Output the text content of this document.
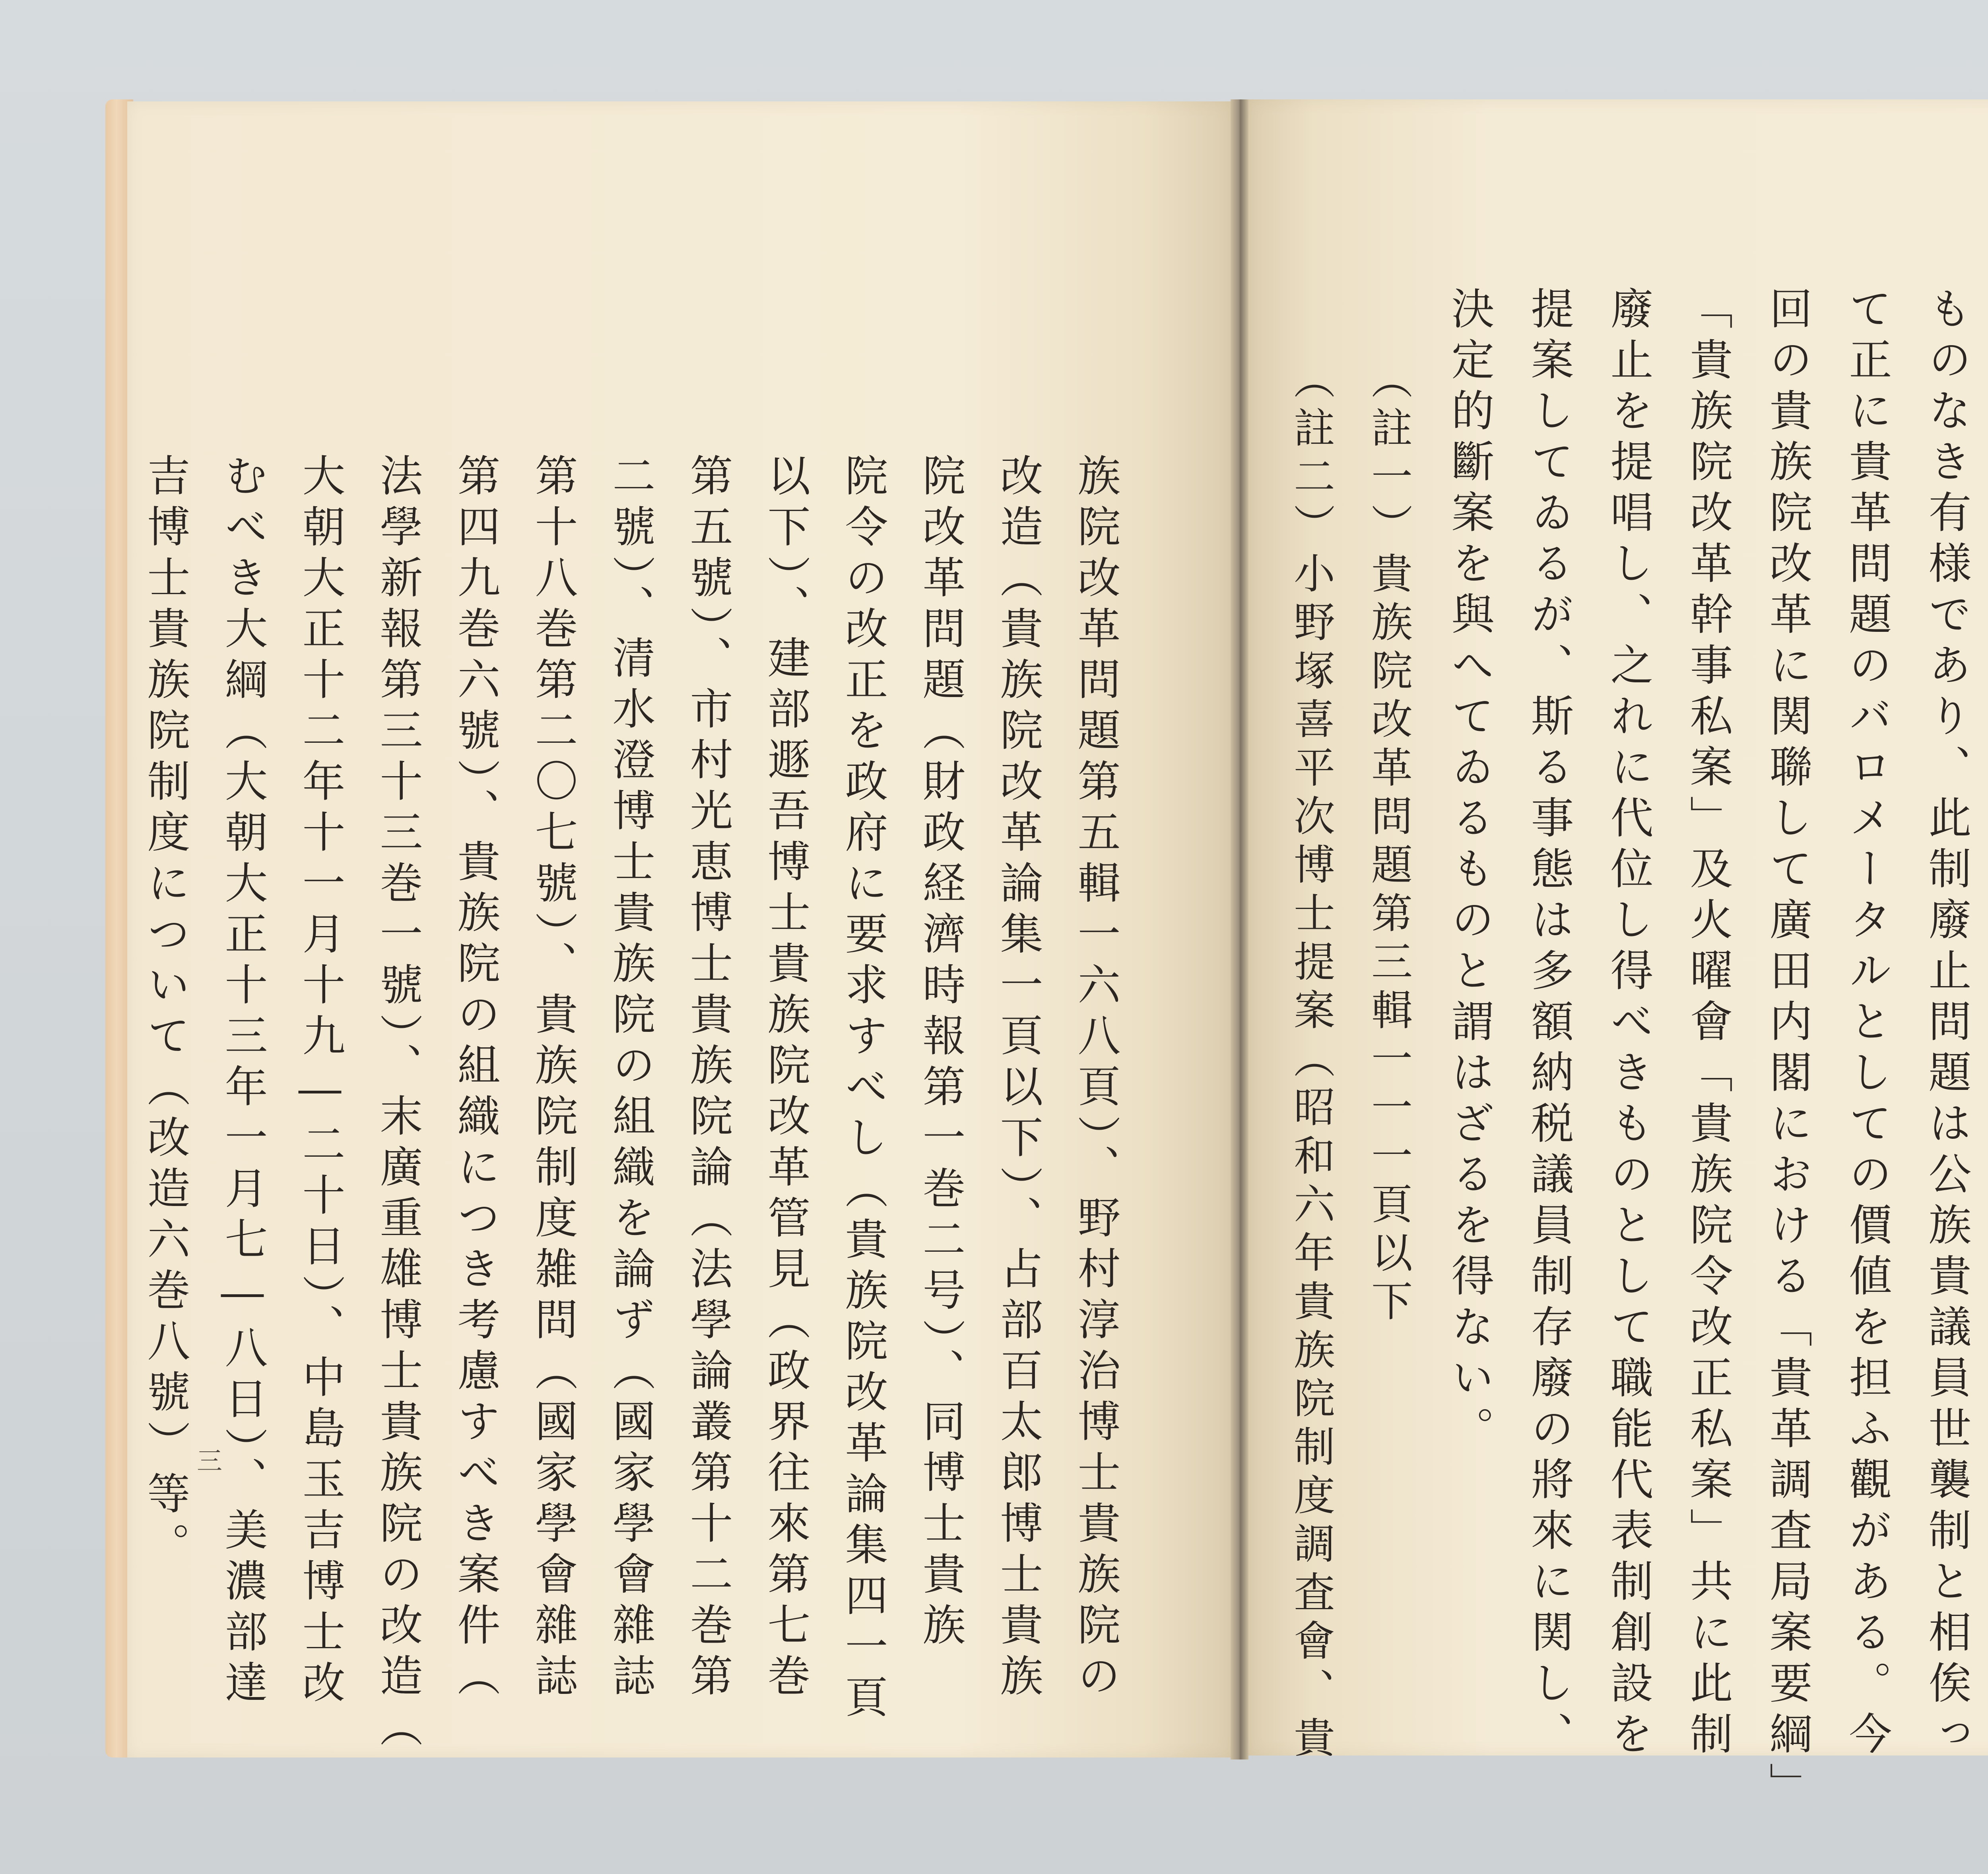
ものなき有様であり、此制廢止問題は公族貴議員世襲制と相俟っ
て正に貴革問題のバロメータルとしての價値を担ふ觀がある。今
回の貴族院改革に関聯して廣田内閣における「貴革調査局案要綱」
「貴族院改革幹事私案」及火曜會「貴族院令改正私案」共に此制
廢止を提唱し、之れに代位し得べきものとして職能代表制創設を
提案してゐるが、斯る事態は多額納税議員制存廢の將來に関し、
決定的斷案を與へてゐるものと謂はざるを得ない。
（註一）貴族院改革問題第三輯一一一頁以下
（註二）小野塚喜平次博士提案（昭和六年貴族院制度調査會、貴
族院改革問題第五輯一六八頁）、野村淳治博士貴族院の
改造（貴族院改革論集一頁以下）、占部百太郎博士貴族
院改革問題（財政経濟時報第一巻二号）、同博士貴族
院令の改正を政府に要求すべし（貴族院改革論集四一頁
以下）、建部遯吾博士貴族院改革管見（政界往來第七巻
第五號）、市村光恵博士貴族院論（法學論叢第十二巻第
二號）、清水澄博士貴族院の組織を論ず（國家學會雜誌
第十八巻第二〇七號）、貴族院制度雑問（國家學會雜誌
第四九巻六號）、貴族院の組織につき考慮すべき案件（
法學新報第三十三巻一號）、末廣重雄博士貴族院の改造（
大朝大正十二年十一月十九―二十日）、中島玉吉博士改
むべき大綱（大朝大正十三年一月七―八日）、美濃部達
吉博士貴族院制度について（改造六巻八號）等。 三
